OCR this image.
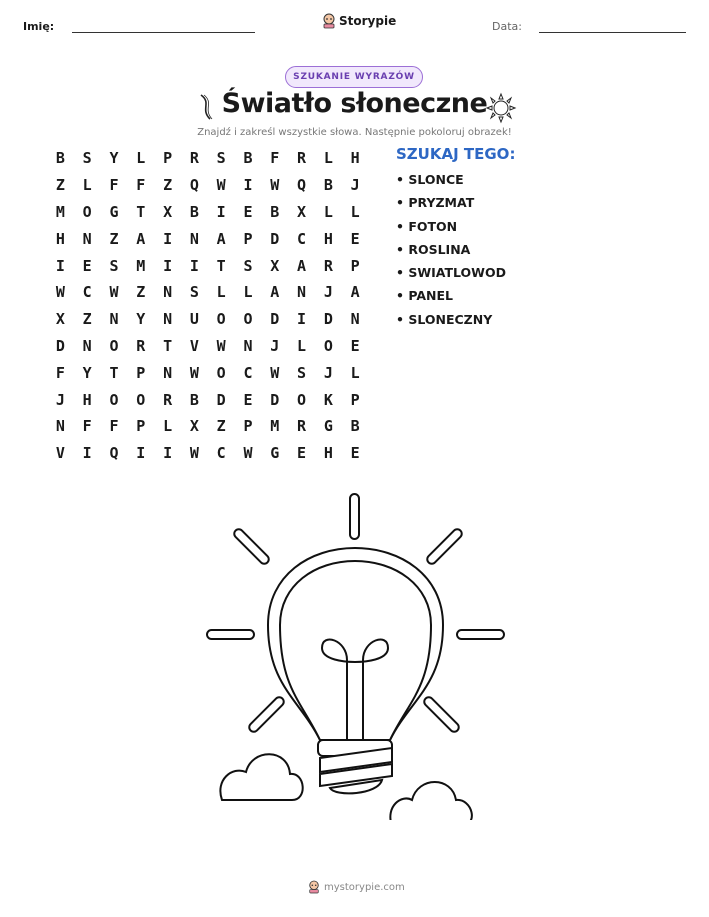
Imię:	Storypie	Data:
SZUKANIE WYRAZÓW
Światło słoneczne
Znajdź i zakreśl wszystkie słowa. Następnie pokoloruj obrazek!
B	S	Y	L	P	R	S	B	F	R	L	H
Z	L	F	F	Z	Q	W	I	W	Q	B	J
M	O	G	T	X	B	I	E	B	X	L	L
H	N	Z	A	I	N	A	P	D	C	H	E
I	E	S	M	I	I	T	S	X	A	R	P
W	C	W	Z	N	S	L	L	A	N	J	A
X	Z	N	Y	N	U	O	O	D	I	D	N
D	N	O	R	T	V	W	N	J	L	O	E
F	Y	T	P	N	W	O	C	W	S	J	L
J	H	O	O	R	B	D	E	D	O	K	P
N	F	F	P	L	X	Z	P	M	R	G	B
V	I	Q	I	I	W	C	W	G	E	H	E
SZUKAJ TEGO:
• SLONCE
• PRYZMAT
• FOTON
• ROSLINA
• SWIATLOWOD
• PANEL
• SLONECZNY
mystorypie.com
